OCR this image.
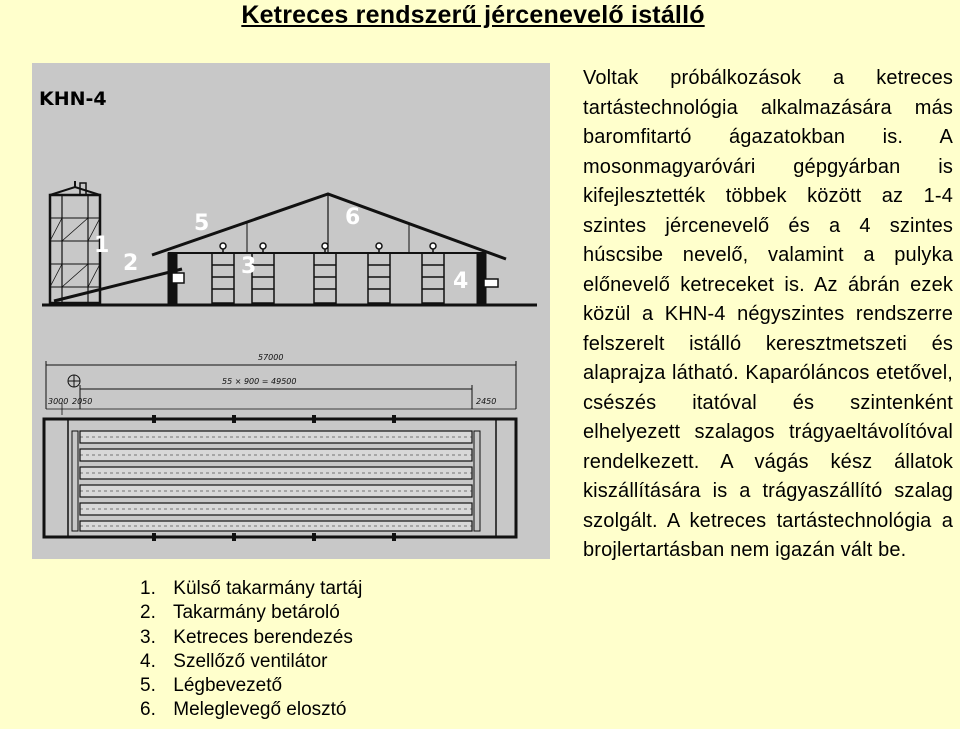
Ketreces rendszerű jércenevelő istálló
KHN-4
1
2	3
4
5	6
57000
55 × 900 = 49500
3000 2050	2450
1. Külső takarmány tartáj
2. Takarmány betároló
3. Ketreces berendezés
4. Szellőző ventilátor
5. Légbevezető
6. Meleglevegő elosztó
Voltak próbálkozások a ketreces tartástechnológia alkalmazására más baromfitartó ágazatokban is. A mosonmagyaróvári gépgyárban is kifejlesztették többek között az 1-4 szintes jércenevelő és a 4 szintes húscsibe nevelő, valamint a pulyka előnevelő ketreceket is. Az ábrán ezek közül a KHN-4 négyszintes rendszerre felszerelt istálló keresztmetszeti és alaprajza látható. Kaparóláncos etetővel, csészés itatóval és szintenként elhelyezett szalagos trágyaeltávolítóval rendelkezett. A vágás kész állatok kiszállítására is a trágyaszállító szalag szolgált. A ketreces tartástechnológia a brojlertartásban nem igazán vált be.
